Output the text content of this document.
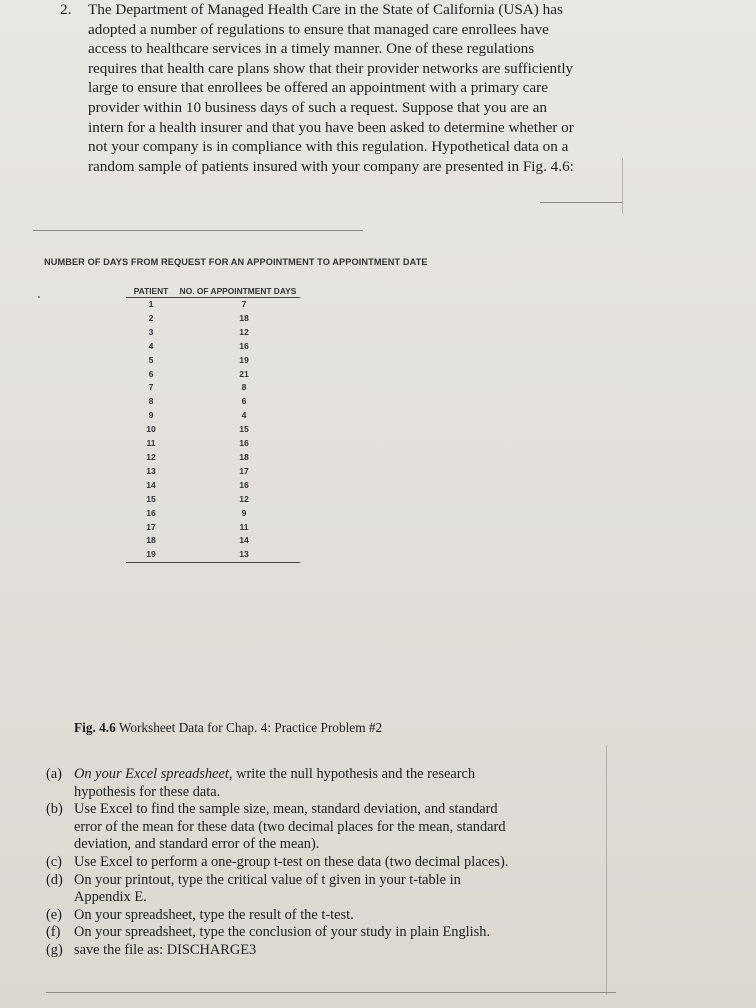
2. The Department of Managed Health Care in the State of California (USA) has
adopted a number of regulations to ensure that managed care enrollees have
access to healthcare services in a timely manner. One of these regulations
requires that health care plans show that their provider networks are sufficiently
large to ensure that enrollees be offered an appointment with a primary care
provider within 10 business days of such a request. Suppose that you are an
intern for a health insurer and that you have been asked to determine whether or
not your company is in compliance with this regulation. Hypothetical data on a
random sample of patients insured with your company are presented in Fig. 4.6:
NUMBER OF DAYS FROM REQUEST FOR AN APPOINTMENT TO APPOINTMENT DATE
PATIENT	NO. OF APPOINTMENT DAYS
1	7
2	18
3	12
4	16
5	19
6	21
7	8
8	6
9	4
10	15
11	16
12	18
13	17
14	16
15	12
16	9
17	11
18	14
19	13
Fig. 4.6 Worksheet Data for Chap. 4: Practice Problem #2
(a) On your Excel spreadsheet, write the null hypothesis and the research
hypothesis for these data.
(b) Use Excel to find the sample size, mean, standard deviation, and standard
error of the mean for these data (two decimal places for the mean, standard
deviation, and standard error of the mean).
(c) Use Excel to perform a one-group t-test on these data (two decimal places).
(d) On your printout, type the critical value of t given in your t-table in
Appendix E.
(e) On your spreadsheet, type the result of the t-test.
(f) On your spreadsheet, type the conclusion of your study in plain English.
(g) save the file as: DISCHARGE3
